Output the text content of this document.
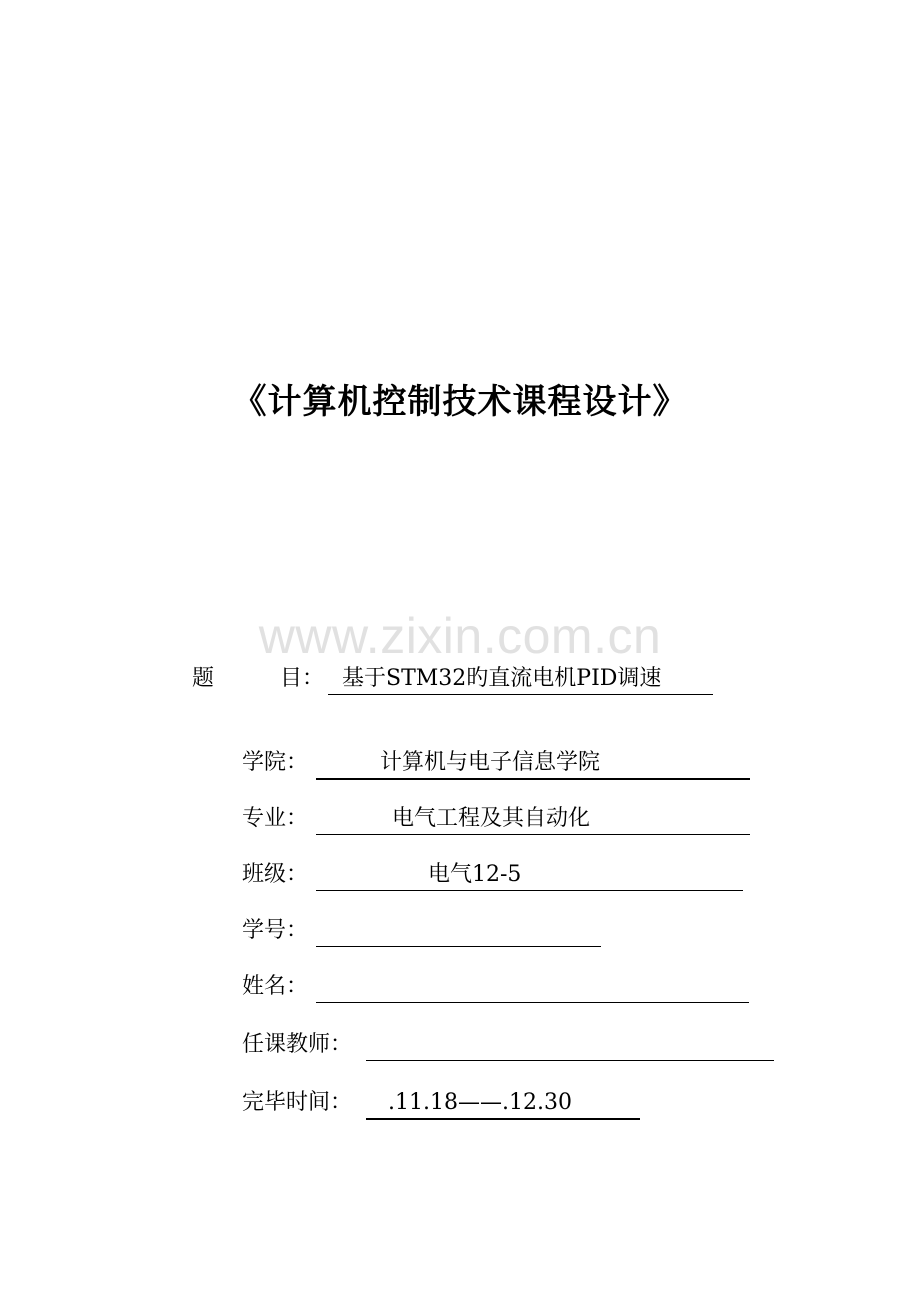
《计算机控制技术课程设计》
www.zixin.com.cn
题	目： 基于STM32旳直流电机PID调速
学院：	计算机与电子信息学院
专业：	电气工程及其自动化
班级：	电气12-5
学号：
姓名：
任课教师：
完毕时间： .11.18——.12.30
